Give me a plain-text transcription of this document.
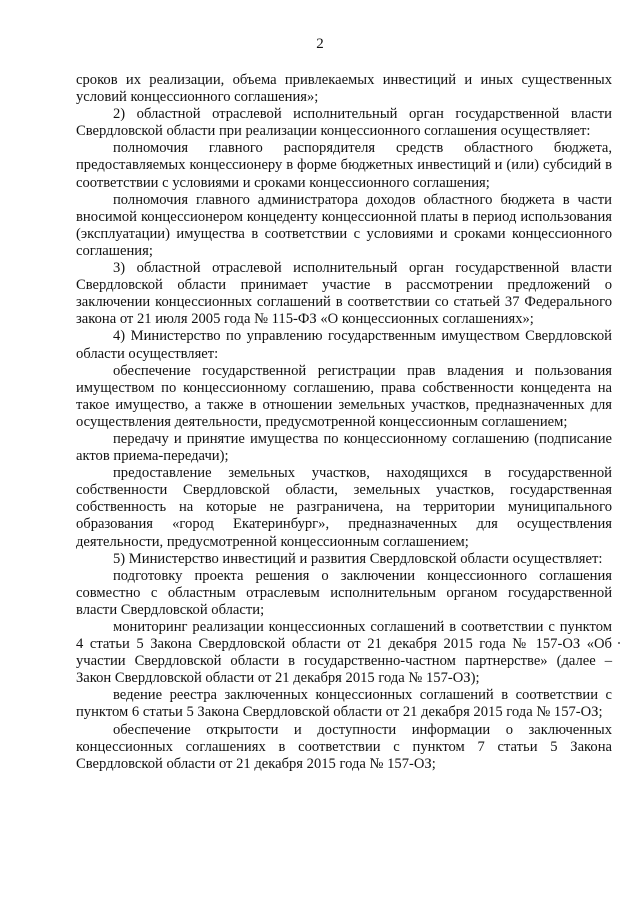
2

сроков их реализации, объема привлекаемых инвестиций и иных существенных условий концессионного соглашения»;

2) областной отраслевой исполнительный орган государственной власти Свердловской области при реализации концессионного соглашения осуществляет:

полномочия главного распорядителя средств областного бюджета, предоставляемых концессионеру в форме бюджетных инвестиций и (или) субсидий в соответствии с условиями и сроками концессионного соглашения;

полномочия главного администратора доходов областного бюджета в части вносимой концессионером концеденту концессионной платы в период использования (эксплуатации) имущества в соответствии с условиями и сроками концессионного соглашения;

3) областной отраслевой исполнительный орган государственной власти Свердловской области принимает участие в рассмотрении предложений о заключении концессионных соглашений в соответствии со статьей 37 Федерального закона от 21 июля 2005 года № 115-ФЗ «О концессионных соглашениях»;

4) Министерство по управлению государственным имуществом Свердловской области осуществляет:

обеспечение государственной регистрации прав владения и пользования имуществом по концессионному соглашению, права собственности концедента на такое имущество, а также в отношении земельных участков, предназначенных для осуществления деятельности, предусмотренной концессионным соглашением;

передачу и принятие имущества по концессионному соглашению (подписание актов приема-передачи);

предоставление земельных участков, находящихся в государственной собственности Свердловской области, земельных участков, государственная собственность на которые не разграничена, на территории муниципального образования «город Екатеринбург», предназначенных для осуществления деятельности, предусмотренной концессионным соглашением;

5) Министерство инвестиций и развития Свердловской области осуществляет:

подготовку проекта решения о заключении концессионного соглашения совместно с областным отраслевым исполнительным органом государственной власти Свердловской области;

мониторинг реализации концессионных соглашений в соответствии с пунктом 4 статьи 5 Закона Свердловской области от 21 декабря 2015 года № 157-ОЗ «Об участии Свердловской области в государственно-частном партнерстве» (далее – Закон Свердловской области от 21 декабря 2015 года № 157-ОЗ);

ведение реестра заключенных концессионных соглашений в соответствии с пунктом 6 статьи 5 Закона Свердловской области от 21 декабря 2015 года № 157-ОЗ;

обеспечение открытости и доступности информации о заключенных концессионных соглашениях в соответствии с пунктом 7 статьи 5 Закона Свердловской области от 21 декабря 2015 года № 157-ОЗ;
